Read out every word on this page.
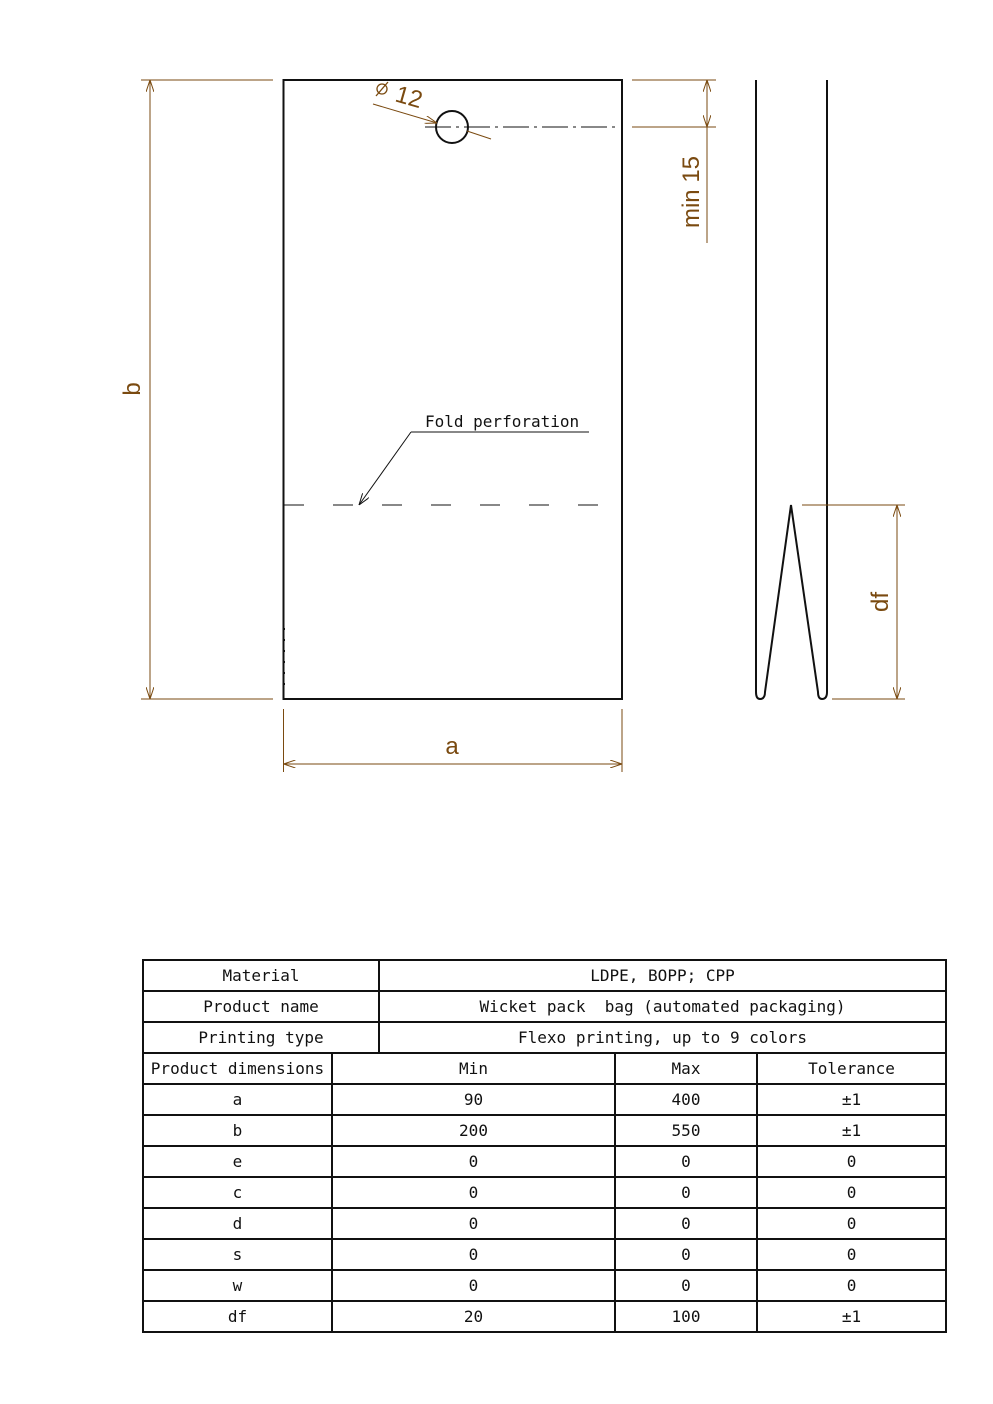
12
min 15
b
a
Fold perforation
df
Material		LDPE, BOPP; CPP		
Product name		Wicket pack  bag (automated packaging)		
Printing type		Flexo printing, up to 9 colors		
Product dimensions	Min		Max	Tolerance
a	90		400	±1
b	200		550	±1
e	0		0	0
c	0		0	0
d	0		0	0
s	0		0	0
w	0		0	0
df	20		100	±1
